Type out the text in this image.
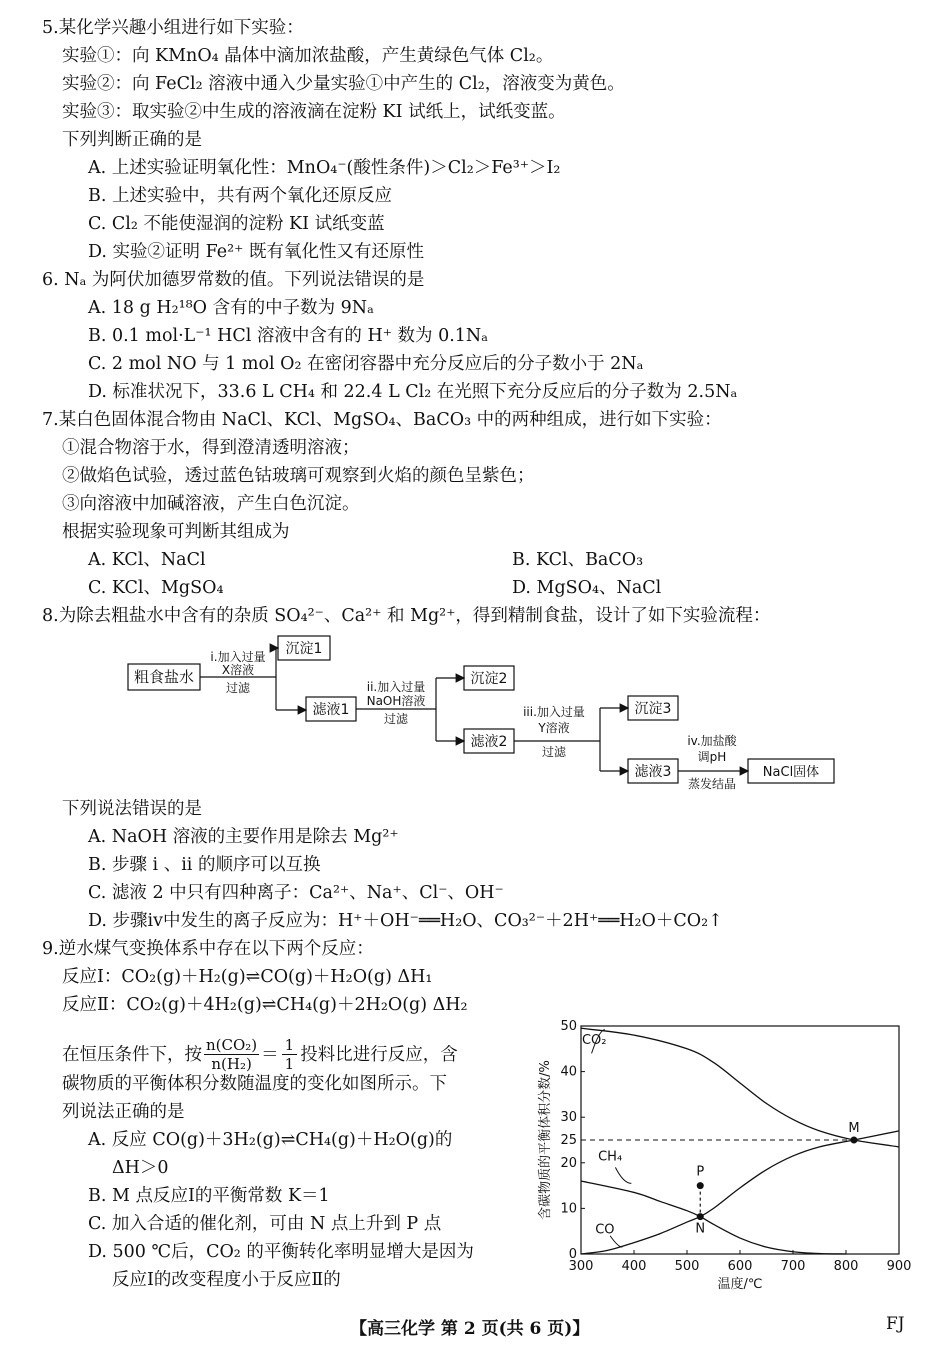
5.某化学兴趣小组进行如下实验：
实验①：向 KMnO₄ 晶体中滴加浓盐酸，产生黄绿色气体 Cl₂。
实验②：向 FeCl₂ 溶液中通入少量实验①中产生的 Cl₂，溶液变为黄色。
实验③：取实验②中生成的溶液滴在淀粉 KI 试纸上，试纸变蓝。
下列判断正确的是
A. 上述实验证明氧化性：MnO₄⁻(酸性条件)＞Cl₂＞Fe³⁺＞I₂
B. 上述实验中，共有两个氧化还原反应
C. Cl₂ 不能使湿润的淀粉 KI 试纸变蓝
D. 实验②证明 Fe²⁺ 既有氧化性又有还原性
6. Nₐ 为阿伏加德罗常数的值。下列说法错误的是
A. 18 g H₂¹⁸O 含有的中子数为 9Nₐ
B. 0.1 mol·L⁻¹ HCl 溶液中含有的 H⁺ 数为 0.1Nₐ
C. 2 mol NO 与 1 mol O₂ 在密闭容器中充分反应后的分子数小于 2Nₐ
D. 标准状况下，33.6 L CH₄ 和 22.4 L Cl₂ 在光照下充分反应后的分子数为 2.5Nₐ
7.某白色固体混合物由 NaCl、KCl、MgSO₄、BaCO₃ 中的两种组成，进行如下实验：
①混合物溶于水，得到澄清透明溶液；
②做焰色试验，透过蓝色钴玻璃可观察到火焰的颜色呈紫色；
③向溶液中加碱溶液，产生白色沉淀。
根据实验现象可判断其组成为
A. KCl、NaCl	B. KCl、BaCO₃
C. KCl、MgSO₄	D. MgSO₄、NaCl
8.为除去粗盐水中含有的杂质 SO₄²⁻、Ca²⁺ 和 Mg²⁺，得到精制食盐，设计了如下实验流程：
粗食盐水
i.加入过量
X溶液
过滤
沉淀1
滤液1
ii.加入过量
NaOH溶液
过滤
沉淀2
滤液2
iii.加入过量
Y溶液
过滤
沉淀3
滤液3
iv.加盐酸
调pH
蒸发结晶
NaCl固体
下列说法错误的是
A. NaOH 溶液的主要作用是除去 Mg²⁺
B. 步骤 i 、ii 的顺序可以互换
C. 滤液 2 中只有四种离子：Ca²⁺、Na⁺、Cl⁻、OH⁻
D. 步骤iv中发生的离子反应为：H⁺＋OH⁻══H₂O、CO₃²⁻＋2H⁺══H₂O＋CO₂↑
9.逆水煤气变换体系中存在以下两个反应：
反应Ⅰ：CO₂(g)＋H₂(g)⇌CO(g)＋H₂O(g) ΔH₁
反应Ⅱ：CO₂(g)＋4H₂(g)⇌CH₄(g)＋2H₂O(g) ΔH₂
在恒压条件下，按 $\frac{\text{n(CO₂)}}{\text{n(H₂)}} = \frac{1}{1}$ 投料比进行反应，含
碳物质的平衡体积分数随温度的变化如图所示。下
列说法正确的是
A. 反应 CO(g)＋3H₂(g)⇌CH₄(g)＋H₂O(g)的
ΔH＞0
B. M 点反应Ⅰ的平衡常数 K＝1
C. 加入合适的催化剂，可由 N 点上升到 P 点
D. 500 ℃后，CO₂ 的平衡转化率明显增大是因为
反应Ⅰ的改变程度小于反应Ⅱ的
300 400 500 600 700 800 900
0
10
20
25
30
40
50
CO₂
CH₄
CO
M
N
P
含碳物质的平衡体积分数/%
温度/℃
【高三化学 第 2 页(共 6 页)】	FJ
